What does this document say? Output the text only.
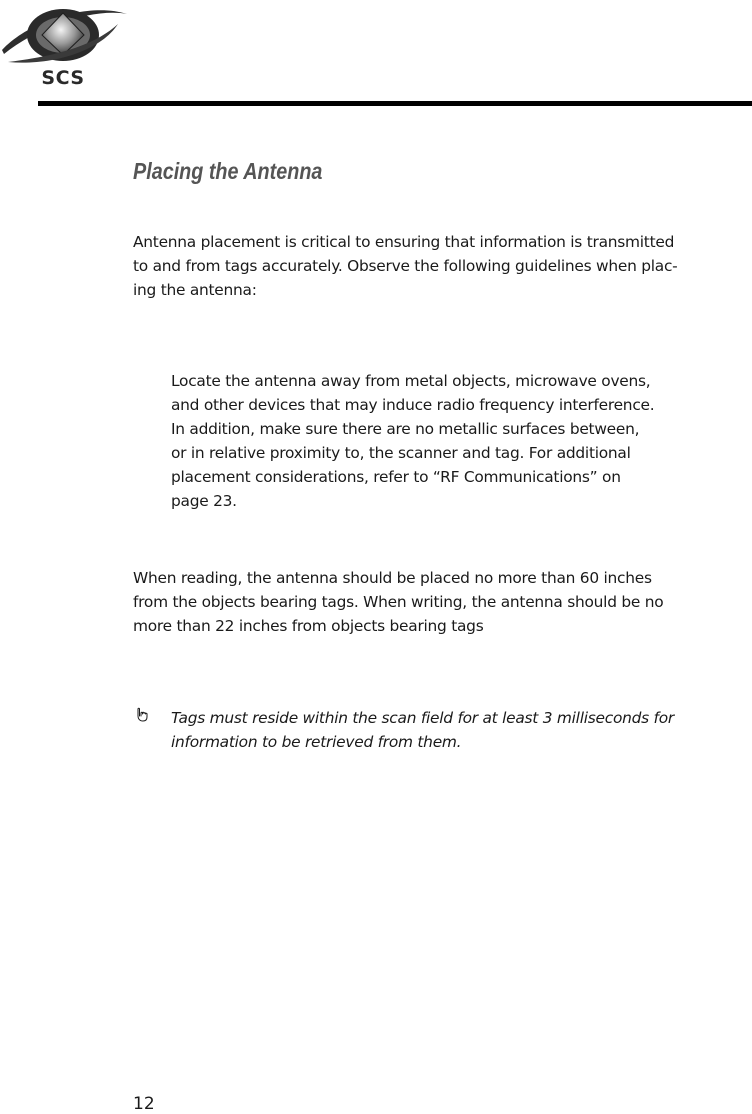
SCS
Placing the Antenna

Antenna placement is critical to ensuring that information is transmitted
to and from tags accurately. Observe the following guidelines when plac-
ing the antenna:

Locate the antenna away from metal objects, microwave ovens,
and other devices that may induce radio frequency interference.
In addition, make sure there are no metallic surfaces between,
or in relative proximity to, the scanner and tag. For additional
placement considerations, refer to “RF Communications” on
page 23.

When reading, the antenna should be placed no more than 60 inches
from the objects bearing tags. When writing, the antenna should be no
more than 22 inches from objects bearing tags

Tags must reside within the scan field for at least 3 milliseconds for
information to be retrieved from them.

12
